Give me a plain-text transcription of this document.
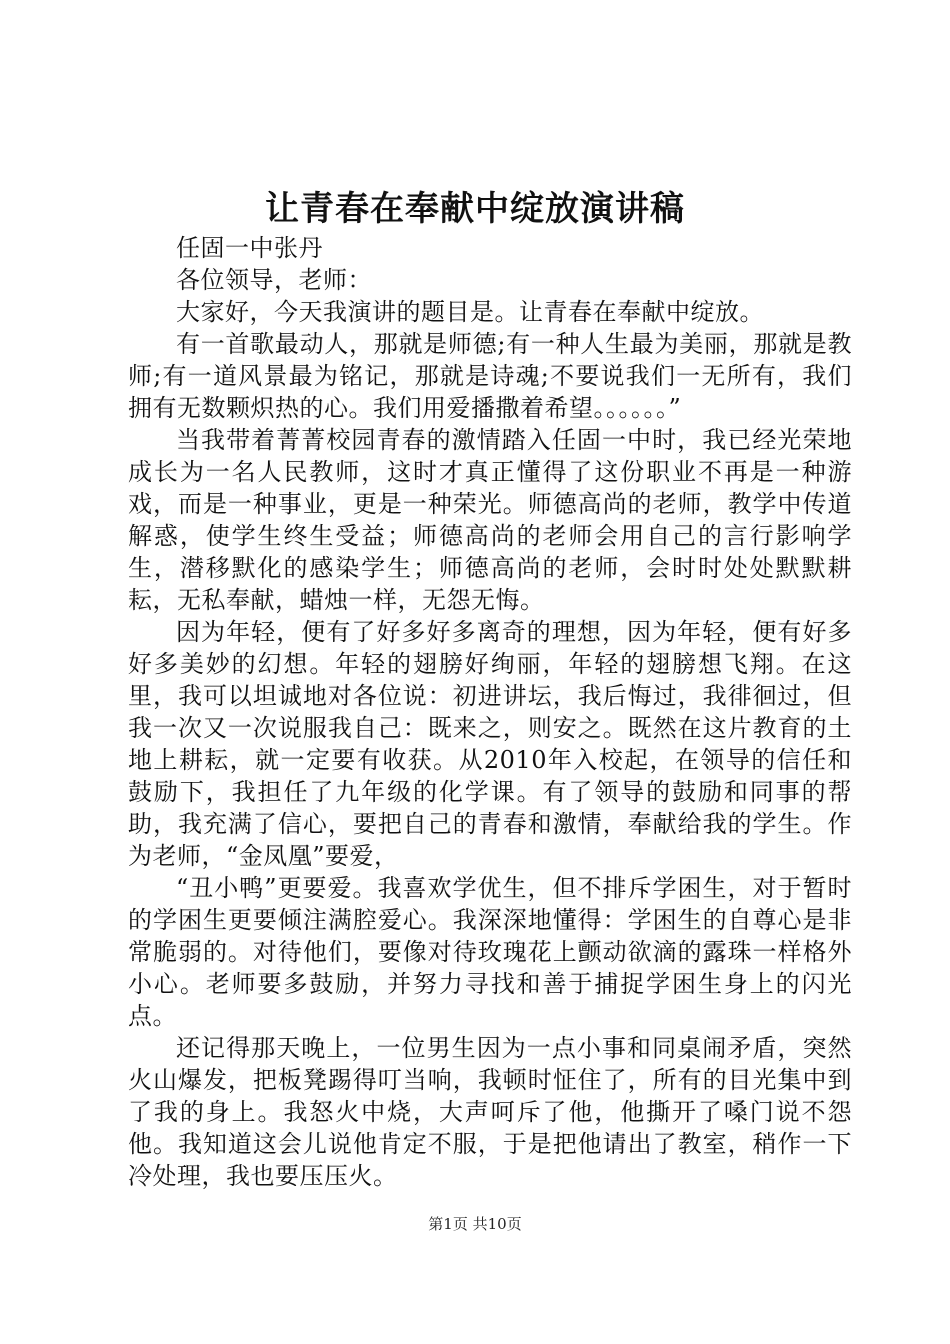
让青春在奉献中绽放演讲稿

任固一中张丹

各位领导，老师：

大家好，今天我演讲的题目是。让青春在奉献中绽放。

有一首歌最动人，那就是师德;有一种人生最为美丽，那就是教师;有一道风景最为铭记，那就是诗魂;不要说我们一无所有，我们拥有无数颗炽热的心。我们用爱播撒着希望。。。。。。”

当我带着菁菁校园青春的激情踏入任固一中时，我已经光荣地成长为一名人民教师，这时才真正懂得了这份职业不再是一种游戏，而是一种事业，更是一种荣光。师德高尚的老师，教学中传道解惑，使学生终生受益；师德高尚的老师会用自己的言行影响学生，潜移默化的感染学生；师德高尚的老师，会时时处处默默耕耘，无私奉献，蜡烛一样，无怨无悔。

因为年轻，便有了好多好多离奇的理想，因为年轻，便有好多好多美妙的幻想。年轻的翅膀好绚丽，年轻的翅膀想飞翔。在这里，我可以坦诚地对各位说：初进讲坛，我后悔过，我徘徊过，但我一次又一次说服我自己：既来之，则安之。既然在这片教育的土地上耕耘，就一定要有收获。从2010年入校起，在领导的信任和鼓励下，我担任了九年级的化学课。有了领导的鼓励和同事的帮助，我充满了信心，要把自己的青春和激情，奉献给我的学生。作为老师，“金凤凰”要爱，

“丑小鸭”更要爱。我喜欢学优生，但不排斥学困生，对于暂时的学困生更要倾注满腔爱心。我深深地懂得：学困生的自尊心是非常脆弱的。对待他们，要像对待玫瑰花上颤动欲滴的露珠一样格外小心。老师要多鼓励，并努力寻找和善于捕捉学困生身上的闪光点。

还记得那天晚上，一位男生因为一点小事和同桌闹矛盾，突然火山爆发，把板凳踢得叮当响，我顿时怔住了，所有的目光集中到了我的身上。我怒火中烧，大声呵斥了他，他撕开了嗓门说不怨他。我知道这会儿说他肯定不服，于是把他请出了教室，稍作一下冷处理，我也要压压火。

第1页 共10页
